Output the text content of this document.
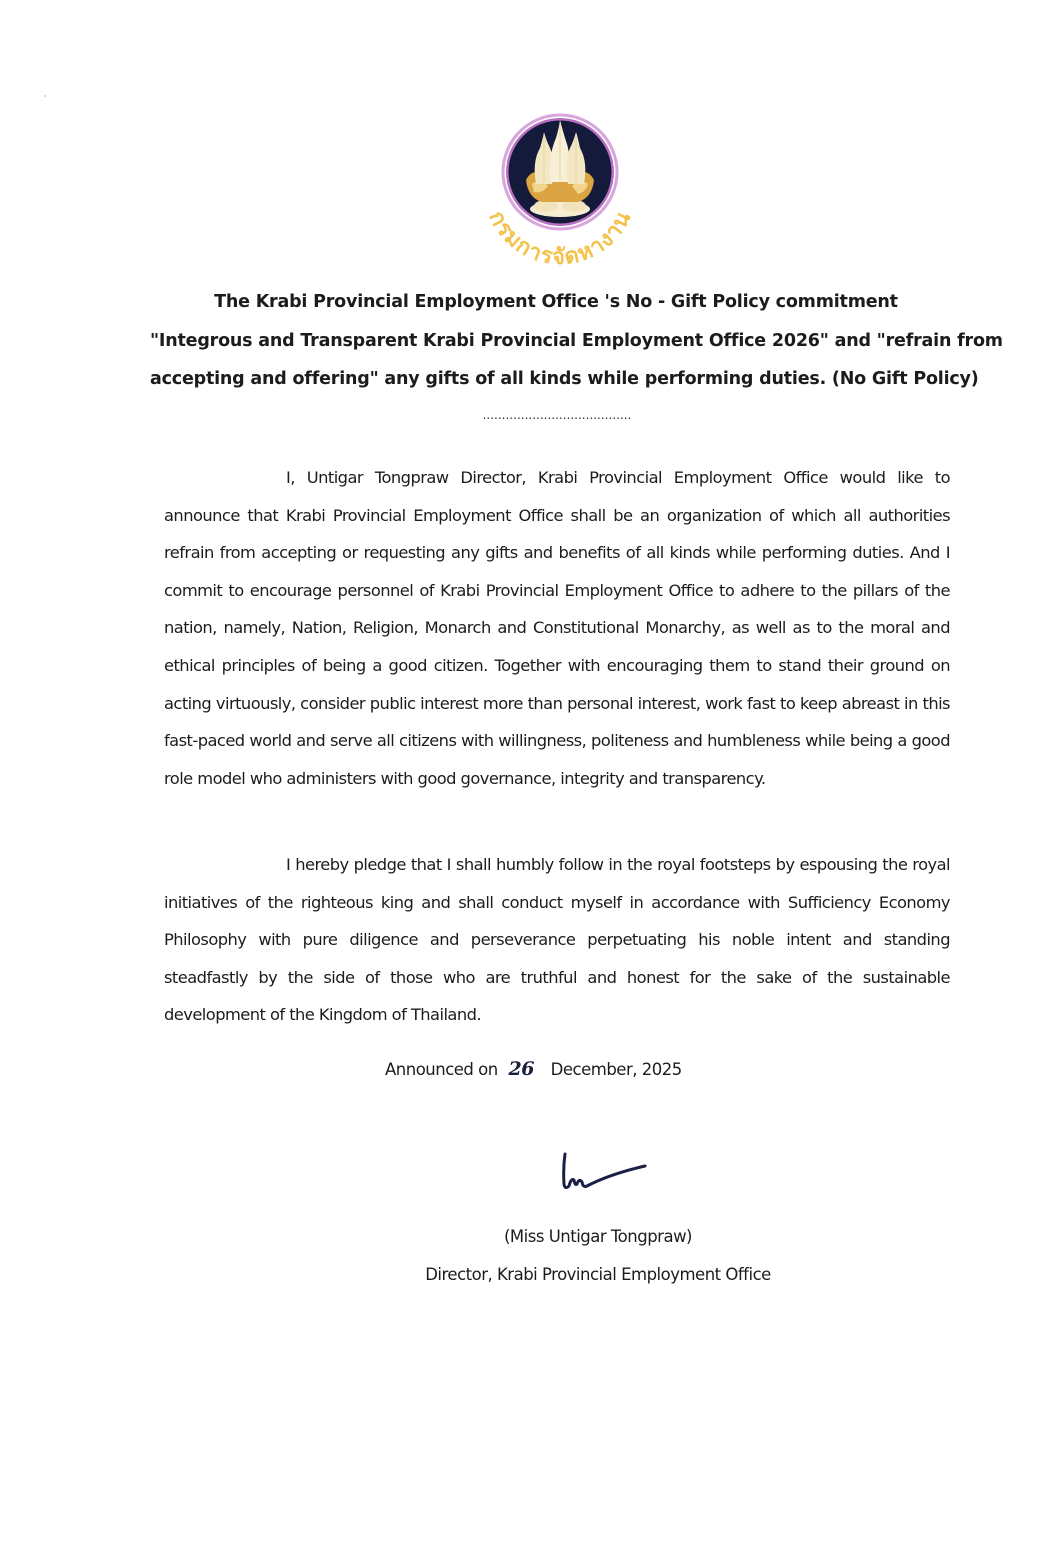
กรมการจัดหางาน
The Krabi Provincial Employment Office 's No - Gift Policy commitment
"Integrous and Transparent Krabi Provincial Employment Office 2026" and "refrain from
accepting and offering" any gifts of all kinds while performing duties. (No Gift Policy)
.......................................

I, Untigar Tongpraw Director, Krabi Provincial Employment Office would like to announce that Krabi Provincial Employment Office shall be an organization of which all authorities refrain from accepting or requesting any gifts and benefits of all kinds while performing duties. And I commit to encourage personnel of Krabi Provincial Employment Office to adhere to the pillars of the nation, namely, Nation, Religion, Monarch and Constitutional Monarchy, as well as to the moral and ethical principles of being a good citizen. Together with encouraging them to stand their ground on acting virtuously, consider public interest more than personal interest, work fast to keep abreast in this fast-paced world and serve all citizens with willingness, politeness and humbleness while being a good role model who administers with good governance, integrity and transparency.

I hereby pledge that I shall humbly follow in the royal footsteps by espousing the royal initiatives of the righteous king and shall conduct myself in accordance with Sufficiency Economy Philosophy with pure diligence and perseverance perpetuating his noble intent and standing steadfastly by the side of those who are truthful and honest for the sake of the sustainable development of the Kingdom of Thailand.

Announced on 26 December, 2025
(Miss Untigar Tongpraw)
Director, Krabi Provincial Employment Office
